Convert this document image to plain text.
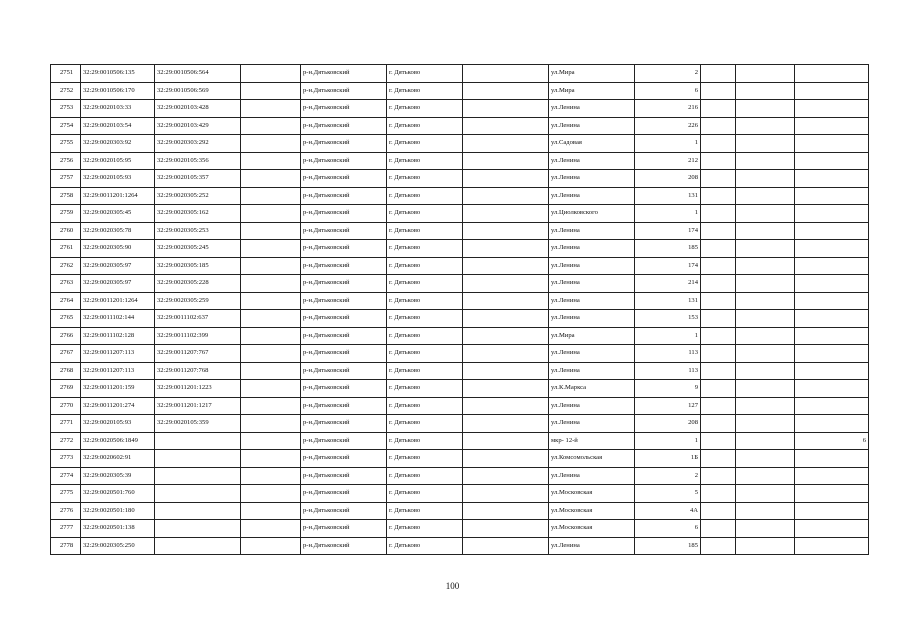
2751	32:29:0010506:135	32:29:0010506:564		р-н.Дятьковский	г. Дятьково		ул.Мира	2			
2752	32:29:0010506:170	32:29:0010506:569		р-н.Дятьковский	г. Дятьково		ул.Мира	6			
2753	32:29:0020103:33	32:29:0020103:428		р-н.Дятьковский	г. Дятьково		ул.Ленина	216			
2754	32:29:0020103:54	32:29:0020103:429		р-н.Дятьковский	г. Дятьково		ул.Ленина	226			
2755	32:29:0020303:92	32:29:0020303:292		р-н.Дятьковский	г. Дятьково		ул.Садовая	1			
2756	32:29:0020105:95	32:29:0020105:356		р-н.Дятьковский	г. Дятьково		ул.Ленина	212			
2757	32:29:0020105:93	32:29:0020105:357		р-н.Дятьковский	г. Дятьково		ул.Ленина	208			
2758	32:29:0011201:1264	32:29:0020305:252		р-н.Дятьковский	г. Дятьково		ул.Ленина	131			
2759	32:29:0020305:45	32:29:0020305:162		р-н.Дятьковский	г. Дятьково		ул.Циолковского	1			
2760	32:29:0020305:78	32:29:0020305:253		р-н.Дятьковский	г. Дятьково		ул.Ленина	174			
2761	32:29:0020305:90	32:29:0020305:245		р-н.Дятьковский	г. Дятьково		ул.Ленина	185			
2762	32:29:0020305:97	32:29:0020305:185		р-н.Дятьковский	г. Дятьково		ул.Ленина	174			
2763	32:29:0020305:97	32:29:0020305:228		р-н.Дятьковский	г. Дятьково		ул.Ленина	214			
2764	32:29:0011201:1264	32:29:0020305:259		р-н.Дятьковский	г. Дятьково		ул.Ленина	131			
2765	32:29:0011102:144	32:29:0011102:637		р-н.Дятьковский	г. Дятьково		ул.Ленина	153			
2766	32:29:0011102:128	32:29:0011102:399		р-н.Дятьковский	г. Дятьково		ул.Мира	1			
2767	32:29:0011207:113	32:29:0011207:767		р-н.Дятьковский	г. Дятьково		ул.Ленина	113			
2768	32:29:0011207:113	32:29:0011207:768		р-н.Дятьковский	г. Дятьково		ул.Ленина	113			
2769	32:29:0011201:159	32:29:0011201:1223		р-н.Дятьковский	г. Дятьково		ул.К.Маркса	9			
2770	32:29:0011201:274	32:29:0011201:1217		р-н.Дятьковский	г. Дятьково		ул.Ленина	127			
2771	32:29:0020105:93	32:29:0020105:359		р-н.Дятьковский	г. Дятьково		ул.Ленина	208			
2772	32:29:0020506:1849			р-н.Дятьковский	г. Дятьково		мкр- 12-й	1			6
2773	32:29:0020602:91			р-н.Дятьковский	г. Дятьково		ул.Комсомольская	1Б			
2774	32:29:0020305:39			р-н.Дятьковский	г. Дятьково		ул.Ленина	2			
2775	32:29:0020501:760			р-н.Дятьковский	г. Дятьково		ул.Московская	5			
2776	32:29:0020501:180			р-н.Дятьковский	г. Дятьково		ул.Московская	4А			
2777	32:29:0020501:138			р-н.Дятьковский	г. Дятьково		ул.Московская	6			
2778	32:29:0020305:250			р-н.Дятьковский	г. Дятьково		ул.Ленина	185			
100
